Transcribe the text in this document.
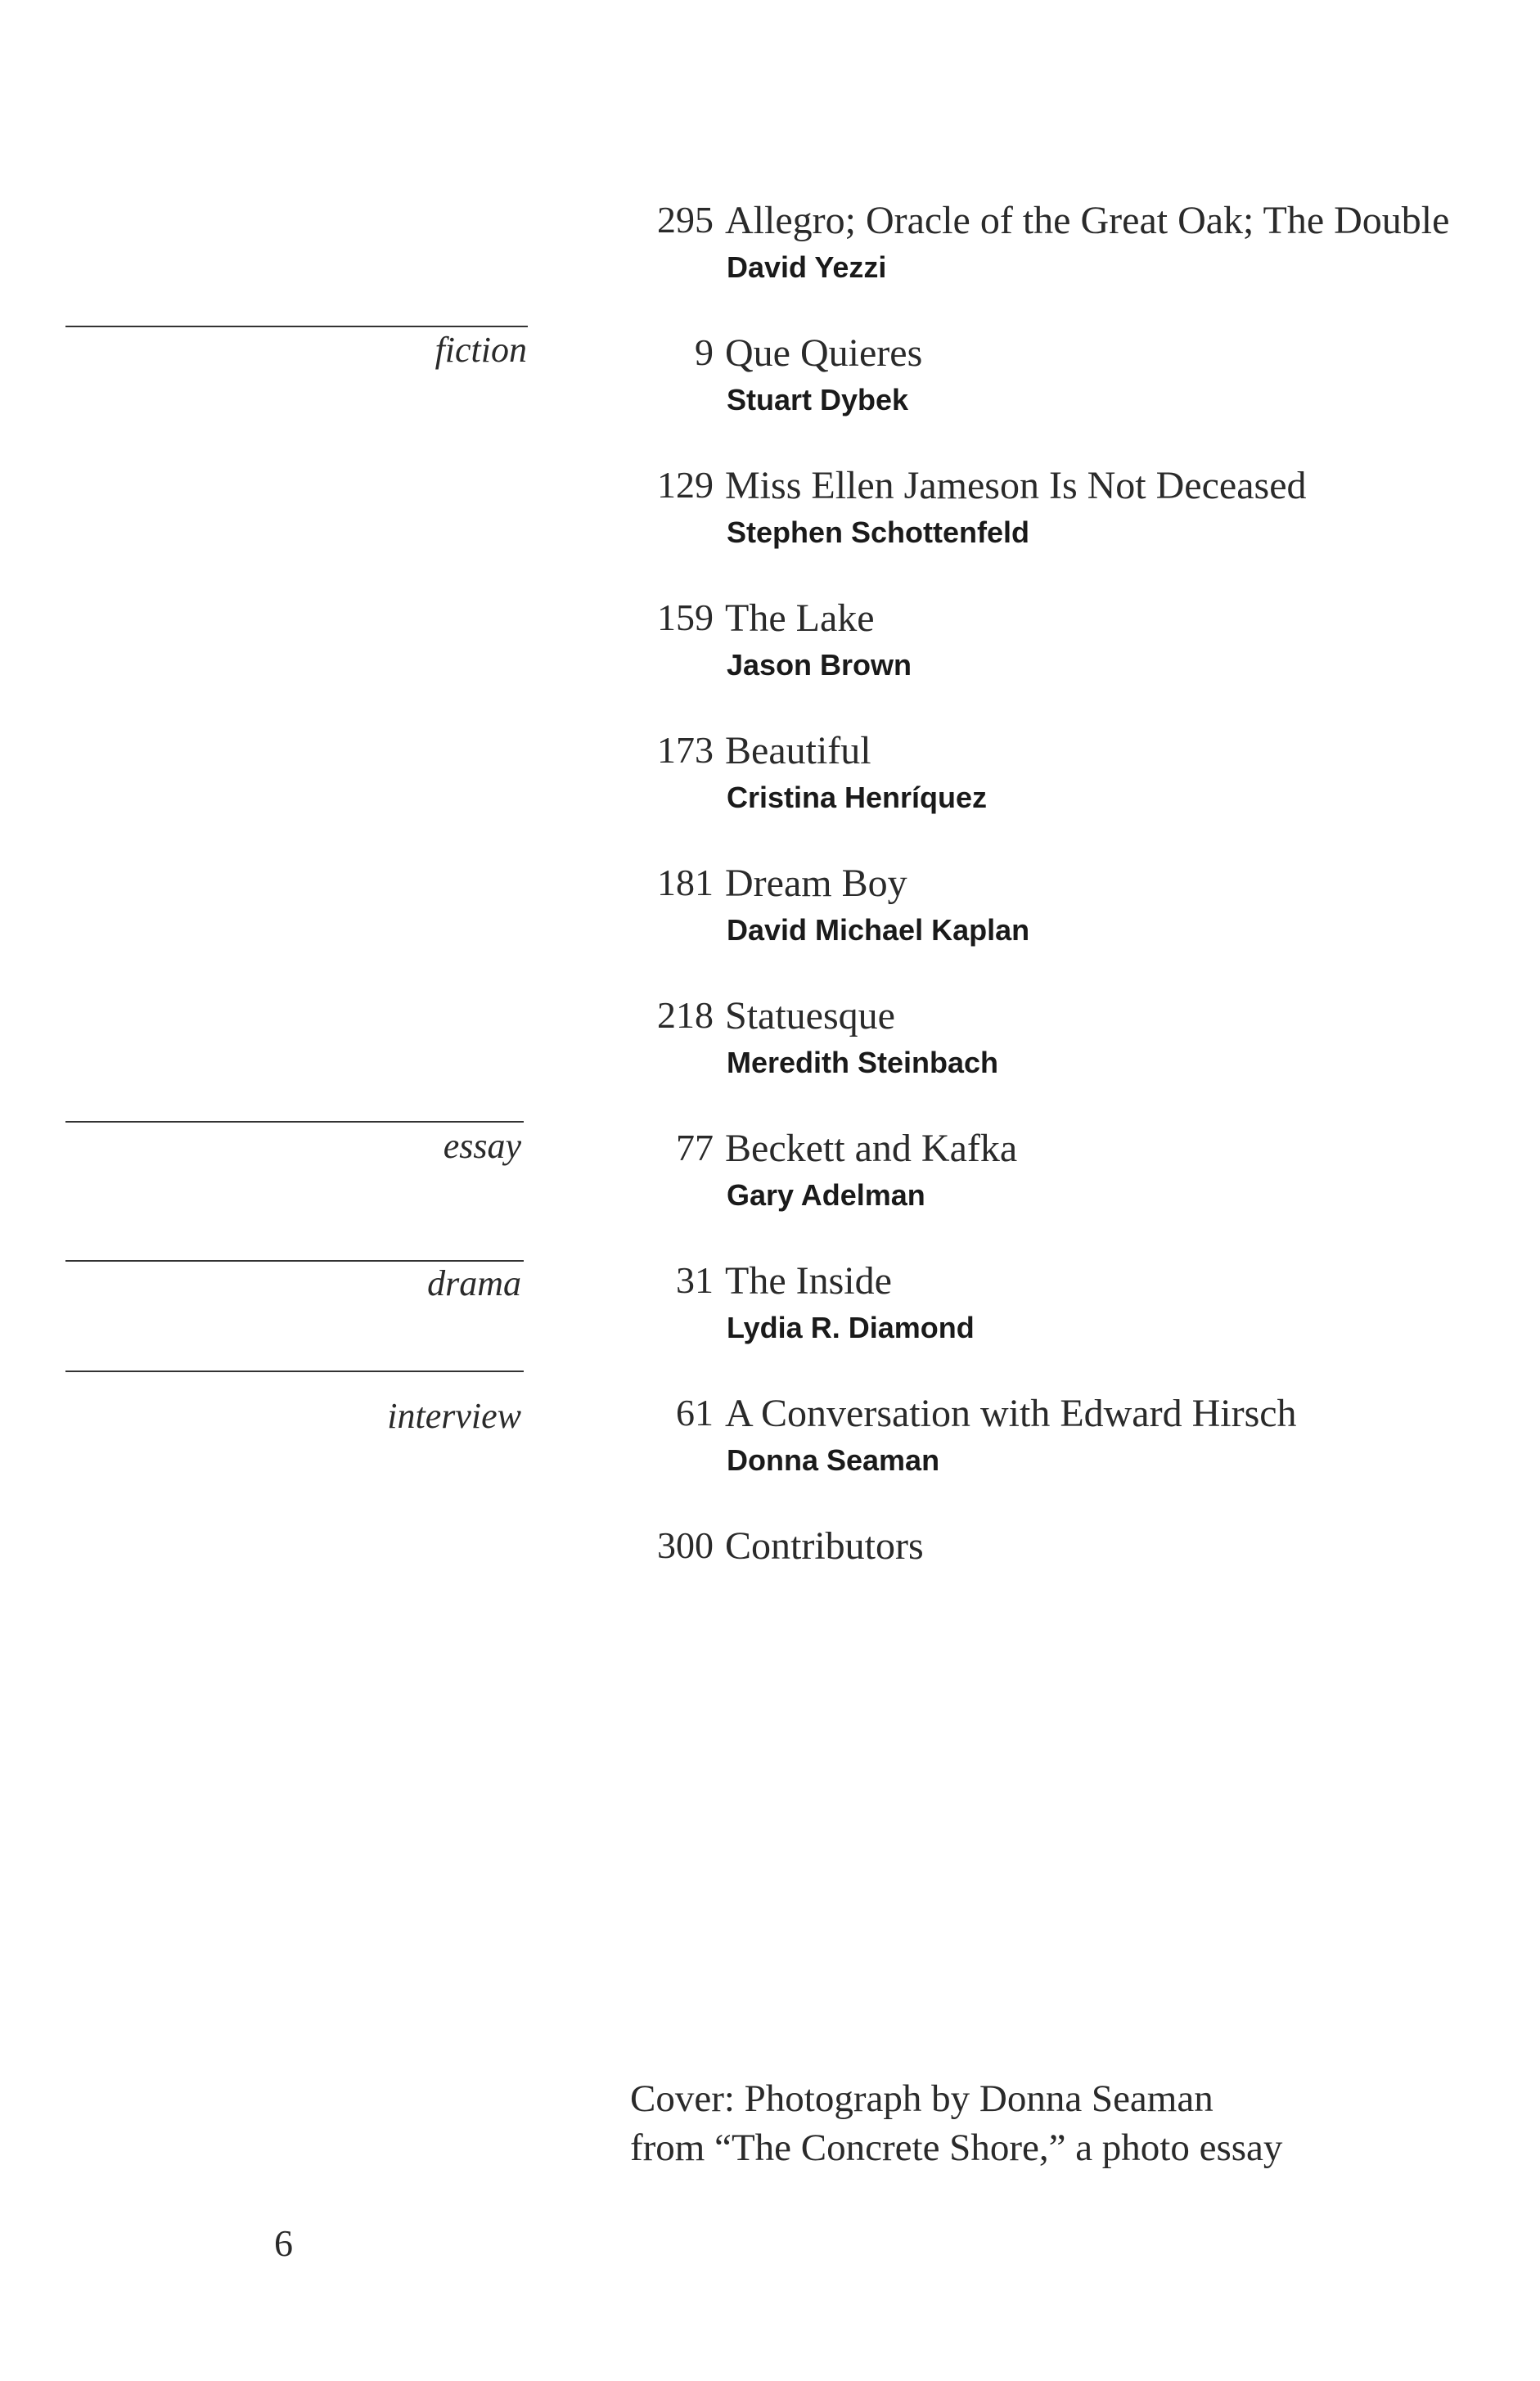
fiction
essay
drama
interview
295 Allegro; Oracle of the Great Oak; The Double
David Yezzi
9 Que Quieres
Stuart Dybek
129 Miss Ellen Jameson Is Not Deceased
Stephen Schottenfeld
159 The Lake
Jason Brown
173 Beautiful
Cristina Henríquez
181 Dream Boy
David Michael Kaplan
218 Statuesque
Meredith Steinbach
77 Beckett and Kafka
Gary Adelman
31 The Inside
Lydia R. Diamond
61 A Conversation with Edward Hirsch
Donna Seaman
300 Contributors
Cover: Photograph by Donna Seaman
from “The Concrete Shore,” a photo essay
6
